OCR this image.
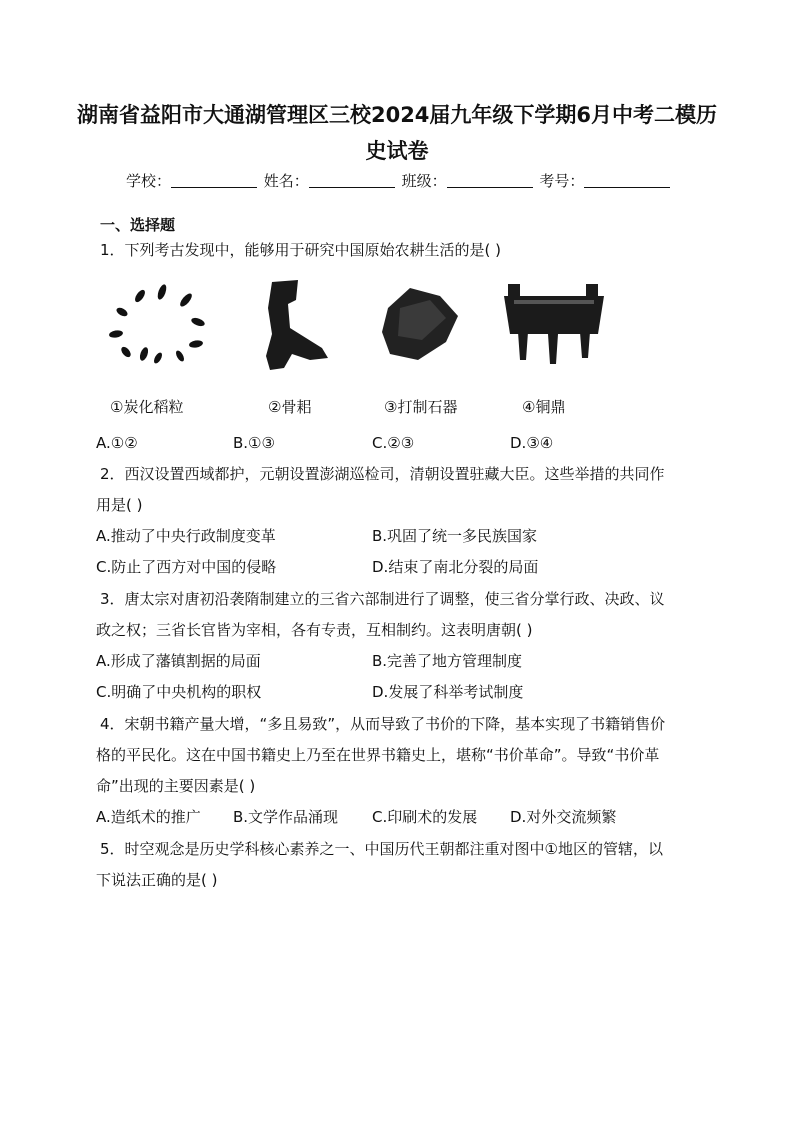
湖南省益阳市大通湖管理区三校2024届九年级下学期6月中考二模历
史试卷
学校：	姓名：	班级：	考号：
一、选择题
1．下列考古发现中，能够用于研究中国原始农耕生活的是( )
①炭化稻粒	②骨耜	③打制石器	④铜鼎
A.①②	B.①③	C.②③	D.③④
2．西汉设置西域都护，元朝设置澎湖巡检司，清朝设置驻藏大臣。这些举措的共同作
用是( )
A.推动了中央行政制度变革	B.巩固了统一多民族国家
C.防止了西方对中国的侵略	D.结束了南北分裂的局面
3．唐太宗对唐初沿袭隋制建立的三省六部制进行了调整，使三省分掌行政、决政、议
政之权；三省长官皆为宰相，各有专责，互相制约。这表明唐朝( )
A.形成了藩镇割据的局面	B.完善了地方管理制度
C.明确了中央机构的职权	D.发展了科举考试制度
4．宋朝书籍产量大增，“多且易致”，从而导致了书价的下降，基本实现了书籍销售价
格的平民化。这在中国书籍史上乃至在世界书籍史上，堪称“书价革命”。导致“书价革
命”出现的主要因素是( )
A.造纸术的推广 B.文学作品涌现 C.印刷术的发展 D.对外交流频繁
5．时空观念是历史学科核心素养之一、中国历代王朝都注重对图中①地区的管辖，以
下说法正确的是( )
